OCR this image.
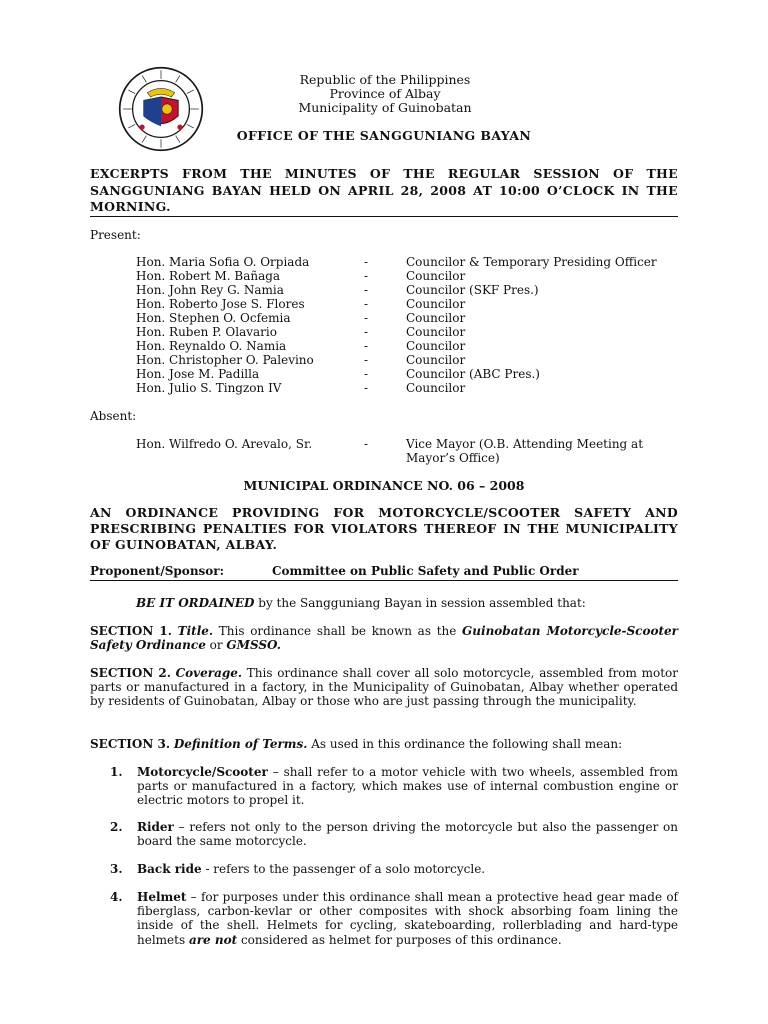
Republic of the Philippines
Province of Albay
Municipality of Guinobatan
OFFICE OF THE SANGGUNIANG BAYAN
EXCERPTS FROM THE MINUTES OF THE REGULAR SESSION OF THE SANGGUNIANG BAYAN HELD ON APRIL 28, 2008 AT 10:00 O’CLOCK IN THE MORNING.
Present:
Hon. Maria Sofia O. Orpiada	-	Councilor & Temporary Presiding Officer
Hon. Robert M. Bañaga	-	Councilor
Hon. John Rey G. Namia	-	Councilor (SKF Pres.)
Hon. Roberto Jose S. Flores	-	Councilor
Hon. Stephen O. Ocfemia	-	Councilor
Hon. Ruben P. Olavario	-	Councilor
Hon. Reynaldo O. Namia	-	Councilor
Hon. Christopher O. Palevino	-	Councilor
Hon. Jose M. Padilla	-	Councilor (ABC Pres.)
Hon. Julio S. Tingzon IV	-	Councilor
Absent:
Hon. Wilfredo O. Arevalo, Sr.	-	Vice Mayor (O.B. Attending Meeting at
Mayor’s Office)
MUNICIPAL ORDINANCE NO. 06 – 2008
AN ORDINANCE PROVIDING FOR MOTORCYCLE/SCOOTER SAFETY AND PRESCRIBING PENALTIES FOR VIOLATORS THEREOF IN THE MUNICIPALITY OF GUINOBATAN, ALBAY.
Proponent/Sponsor:	Committee on Public Safety and Public Order
BE IT ORDAINED by the Sangguniang Bayan in session assembled that:
SECTION 1. Title. This ordinance shall be known as the Guinobatan Motorcycle-Scooter Safety Ordinance or GMSSO.
SECTION 2. Coverage. This ordinance shall cover all solo motorcycle, assembled from motor parts or manufactured in a factory, in the Municipality of Guinobatan, Albay whether operated by residents of Guinobatan, Albay or those who are just passing through the municipality.
SECTION 3. Definition of Terms. As used in this ordinance the following shall mean:
1. Motorcycle/Scooter – shall refer to a motor vehicle with two wheels, assembled from parts or manufactured in a factory, which makes use of internal combustion engine or electric motors to propel it.
2. Rider – refers not only to the person driving the motorcycle but also the passenger on board the same motorcycle.
3. Back ride - refers to the passenger of a solo motorcycle.
4. Helmet – for purposes under this ordinance shall mean a protective head gear made of fiberglass, carbon-kevlar or other composites with shock absorbing foam lining the inside of the shell. Helmets for cycling, skateboarding, rollerblading and hard-type helmets are not considered as helmet for purposes of this ordinance.
